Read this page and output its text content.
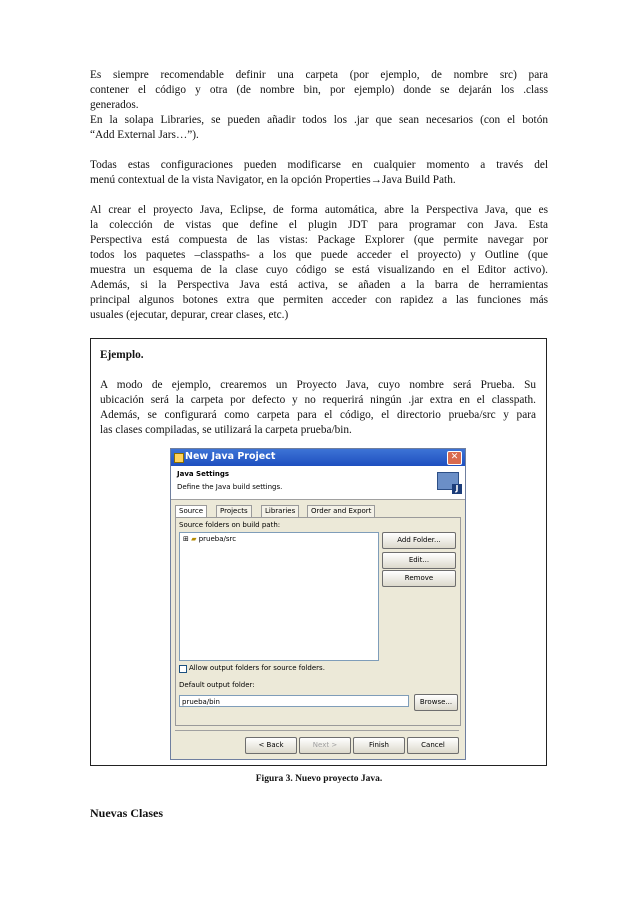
Es siempre recomendable definir una carpeta (por ejemplo, de nombre src) para
contener el código y otra (de nombre bin, por ejemplo) donde se dejarán los .class
generados.
En la solapa Libraries, se pueden añadir todos los .jar que sean necesarios (con el botón
“Add External Jars…”).
Todas estas configuraciones pueden modificarse en cualquier momento a través del
menú contextual de la vista Navigator, en la opción Properties→Java Build Path.
Al crear el proyecto Java, Eclipse, de forma automática, abre la Perspectiva Java, que es
la colección de vistas que define el plugin JDT para programar con Java. Esta
Perspectiva está compuesta de las vistas: Package Explorer (que permite navegar por
todos los paquetes –classpaths- a los que puede acceder el proyecto) y Outline (que
muestra un esquema de la clase cuyo código se está visualizando en el Editor activo).
Además, si la Perspectiva Java está activa, se añaden a la barra de herramientas
principal algunos botones extra que permiten acceder con rapidez a las funciones más
usuales (ejecutar, depurar, crear clases, etc.)
Ejemplo.
A modo de ejemplo, crearemos un Proyecto Java, cuyo nombre será Prueba. Su
ubicación será la carpeta por defecto y no requerirá ningún .jar extra en el classpath.
Además, se configurará como carpeta para el código, el directorio prueba/src y para
las clases compiladas, se utilizará la carpeta prueba/bin.
New Java Project	✕
Java Settings
Define the Java build settings.	J
Source	Projects	Libraries	Order and Export
Source folders on build path:
⊞ ▰ prueba/src	Add Folder...
Edit...
Remove
Allow output folders for source folders.
Default output folder:
prueba/bin	Browse...
< Back	Next >	Finish	Cancel
Figura 3. Nuevo proyecto Java.
Nuevas Clases
